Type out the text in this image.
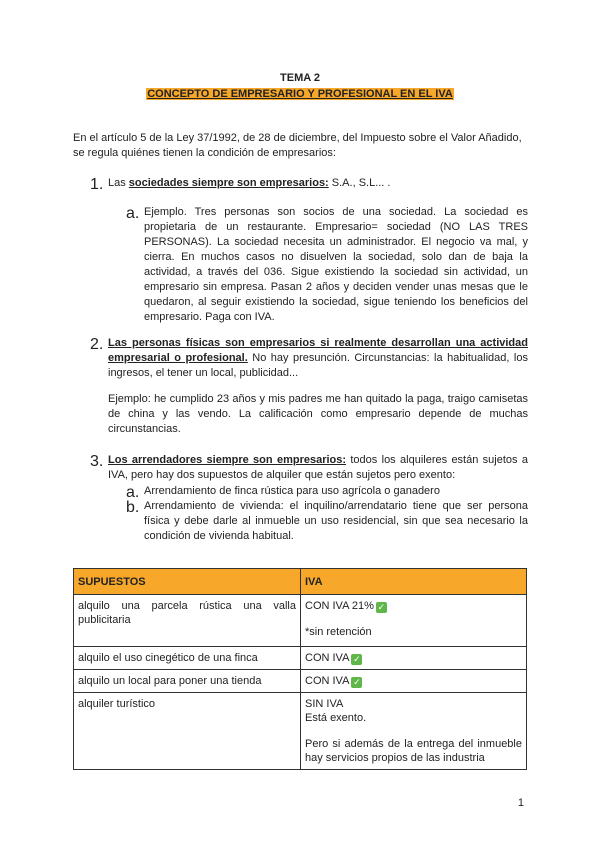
TEMA 2
CONCEPTO DE EMPRESARIO Y PROFESIONAL EN EL IVA

En el artículo 5 de la Ley 37/1992, de 28 de diciembre, del Impuesto sobre el Valor Añadido, se regula quiénes tienen la condición de empresarios:

1. Las sociedades siempre son empresarios: S.A., S.L... .

a. Ejemplo. Tres personas son socios de una sociedad. La sociedad es propietaria de un restaurante. Empresario= sociedad (NO LAS TRES PERSONAS). La sociedad necesita un administrador. El negocio va mal, y cierra. En muchos casos no disuelven la sociedad, solo dan de baja la actividad, a través del 036. Sigue existiendo la sociedad sin actividad, un empresario sin empresa. Pasan 2 años y deciden vender unas mesas que le quedaron, al seguir existiendo la sociedad, sigue teniendo los beneficios del empresario. Paga con IVA.

2. Las personas físicas son empresarios si realmente desarrollan una actividad empresarial o profesional. No hay presunción. Circunstancias: la habitualidad, los ingresos, el tener un local, publicidad...

Ejemplo: he cumplido 23 años y mis padres me han quitado la paga, traigo camisetas de china y las vendo. La calificación como empresario depende de muchas circunstancias.

3. Los arrendadores siempre son empresarios: todos los alquileres están sujetos a IVA, pero hay dos supuestos de alquiler que están sujetos pero exento:

a. Arrendamiento de finca rústica para uso agrícola o ganadero

b. Arrendamiento de vivienda: el inquilino/arrendatario tiene que ser persona física y debe darle al inmueble un uso residencial, sin que sea necesario la condición de vivienda habitual.

SUPUESTOS	IVA
alquilo una parcela rústica una valla publicitaria	CON IVA 21% ✓
*sin retención

alquilo el uso cinegético de una finca	CON IVA ✓
alquilo un local para poner una tienda	CON IVA ✓
alquiler turístico	SIN IVA
Está exento.
Pero si además de la entrega del inmueble hay servicios propios de las industria
1
